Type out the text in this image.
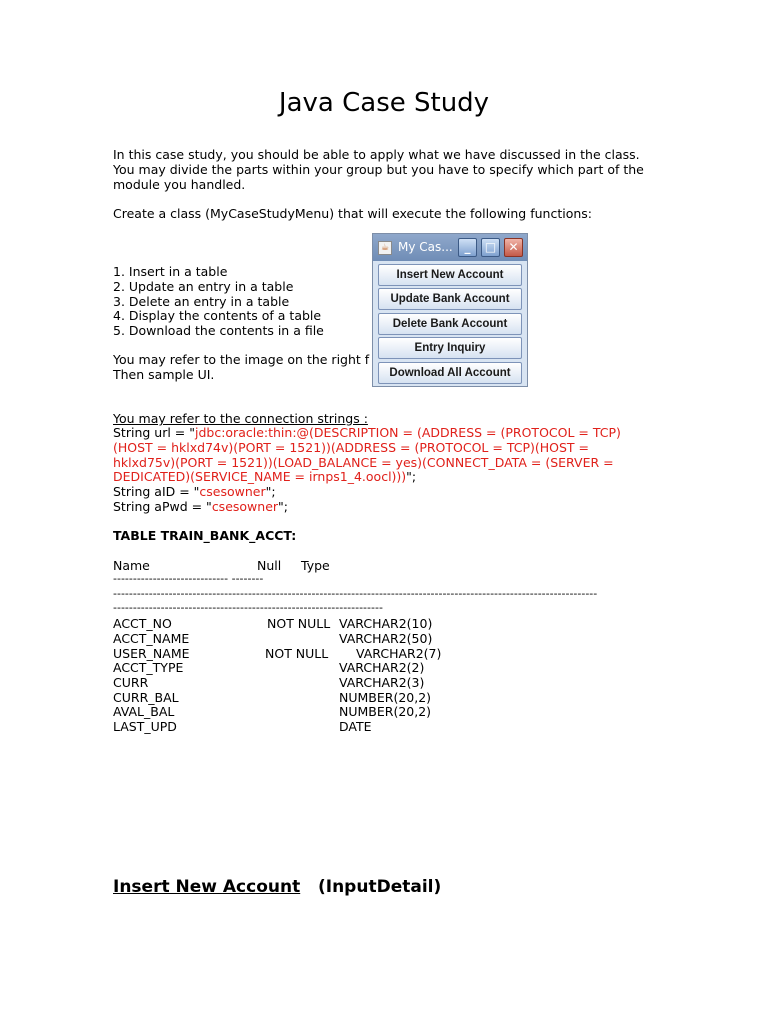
Java Case Study
In this case study, you should be able to apply what we have discussed in the class.
You may divide the parts within your group but you have to specify which part of the
module you handled.
Create a class (MyCaseStudyMenu) that will execute the following functions:
1. Insert in a table
2. Update an entry in a table
3. Delete an entry in a table
4. Display the contents of a table
5. Download the contents in a file
You may refer to the image on the right f
Then sample UI.
☕ My Cas... _	□	✕
Insert New Account
Update Bank Account
Delete Bank Account
Entry Inquiry
Download All Account
You may refer to the connection strings :
String url = "jdbc:oracle:thin:@(DESCRIPTION = (ADDRESS = (PROTOCOL = TCP)
(HOST = hklxd74v)(PORT = 1521))(ADDRESS = (PROTOCOL = TCP)(HOST =
hklxd75v)(PORT = 1521))(LOAD_BALANCE = yes)(CONNECT_DATA = (SERVER =
DEDICATED)(SERVICE_NAME = irnps1_4.oocl)))";
String aID = "csesowner";
String aPwd = "csesowner";
TABLE TRAIN_BANK_ACCT:
Name	Null Type
----------------------------- --------
--------------------------------------------------------------------------------------------------------------------------
--------------------------------------------------------------------
ACCT_NO	NOT NULL VARCHAR2(10)
ACCT_NAME	VARCHAR2(50)
USER_NAME	NOT NULL VARCHAR2(7)
ACCT_TYPE	VARCHAR2(2)
CURR	VARCHAR2(3)
CURR_BAL	NUMBER(20,2)
AVAL_BAL	NUMBER(20,2)
LAST_UPD	DATE
Insert New Account (InputDetail)
